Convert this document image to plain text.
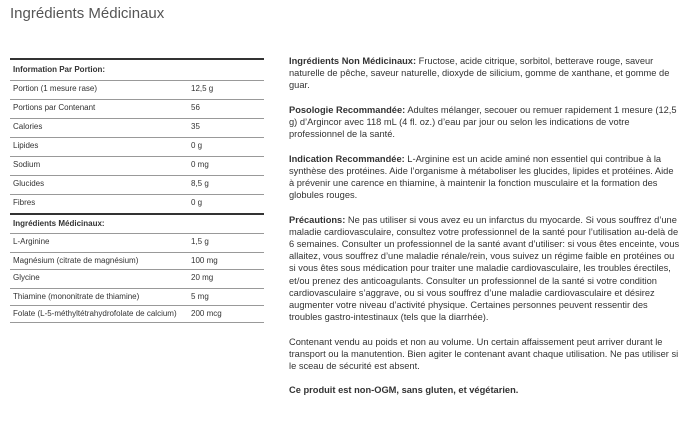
Ingrédients Médicinaux
Information Par Portion:	
Portion (1 mesure rase)	12,5 g
Portions par Contenant	56
Calories	35
Lipides	0 g
Sodium	0 mg
Glucides	8,5 g
Fibres	0 g
Ingrédients Médicinaux:	
L-Arginine	1,5 g
Magnésium (citrate de magnésium)	100 mg
Glycine	20 mg
Thiamine (mononitrate de thiamine)	5 mg
Folate (L-5-méthyltétrahydrofolate de calcium)	200 mcg

Ingrédients Non Médicinaux: Fructose, acide citrique, sorbitol, betterave rouge, saveur naturelle de pêche, saveur naturelle, dioxyde de silicium, gomme de xanthane, et gomme de guar.

Posologie Recommandée: Adultes mélanger, secouer ou remuer rapidement 1 mesure (12,5 g) d’Argincor avec 118 mL (4 fl. oz.) d’eau par jour ou selon les indications de votre professionnel de la santé.

Indication Recommandée: L-Arginine est un acide aminé non essentiel qui contribue à la synthèse des protéines. Aide l’organisme à métaboliser les glucides, lipides et protéines. Aide à prévenir une carence en thiamine, à maintenir la fonction musculaire et la formation des globules rouges.

Précautions: Ne pas utiliser si vous avez eu un infarctus du myocarde. Si vous souffrez d’une maladie cardiovasculaire, consultez votre professionnel de la santé pour l’utilisation au-delà de 6 semaines. Consulter un professionnel de la santé avant d’utiliser: si vous êtes enceinte, vous allaitez, vous souffrez d’une maladie rénale/rein, vous suivez un régime faible en protéines ou si vous êtes sous médication pour traiter une maladie cardiovasculaire, les troubles érectiles, et/ou prenez des anticoagulants. Consulter un professionnel de la santé si votre condition cardiovasculaire s’aggrave, ou si vous souffrez d’une maladie cardiovasculaire et désirez augmenter votre niveau d’activité physique. Certaines personnes peuvent ressentir des troubles gastro-intestinaux (tels que la diarrhée).

Contenant vendu au poids et non au volume. Un certain affaissement peut arriver durant le transport ou la manutention. Bien agiter le contenant avant chaque utilisation. Ne pas utiliser si le sceau de sécurité est absent.

Ce produit est non-OGM, sans gluten, et végétarien.
